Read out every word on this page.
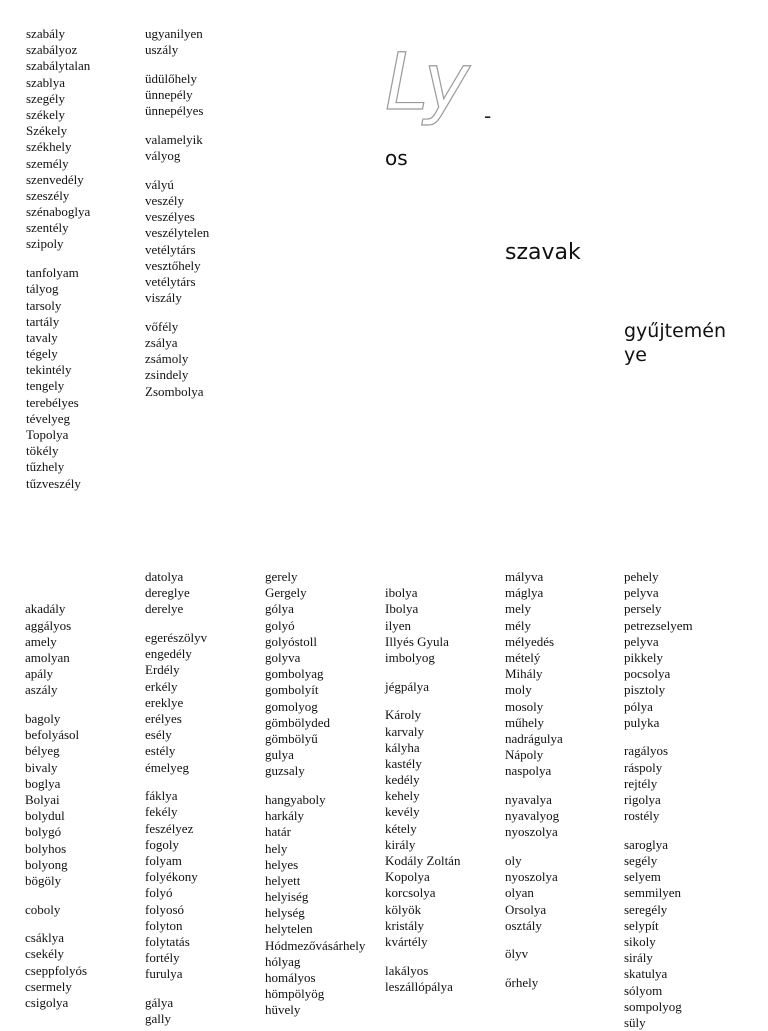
Ly -
os
szavak
gyűjtemén ye
szabály
szabályoz
szabálytalan
szablya
szegély
székely
Székely
székhely
személy
szenvedély
szeszély
szénaboglya
szentély
szipoly
tanfolyam
tályog
tarsoly
tartály
tavaly
tégely
tekintély
tengely
terebélyes
tévelyeg
Topolya
tökély
tűzhely
tűzveszély
ugyanilyen
uszály
üdülőhely
ünnepély
ünnepélyes
valamelyik
vályog
vályú
veszély
veszélyes
veszélytelen
vetélytárs
vesztőhely
vetélytárs
viszály
vőfély
zsálya
zsámoly
zsindely
Zsombolya
akadály
aggályos
amely
amolyan
apály
aszály
bagoly
befolyásol
bélyeg
bivaly
boglya
Bolyai
bolydul
bolygó
bolyhos
bolyong
bögöly
coboly
csáklya
csekély
cseppfolyós
csermely
csigolya
datolya
dereglye
derelye
egerészölyv
engedély
Erdély
erkély
ereklye
erélyes
esély
estély
émelyeg
fáklya
fekély
feszélyez
fogoly
folyam
folyékony
folyó
folyosó
folyton
folytatás
fortély
furulya
gálya
gally
gerely
Gergely
gólya
golyó
golyóstoll
golyva
gombolyag
gombolyít
gomolyog
gömbölyded
gömbölyű
gulya
guzsaly
hangyaboly
harkály
határ
hely
helyes
helyett
helyiség
helység
helytelen
Hódmezővásárhely
hólyag
homályos
hömpölyög
hüvely
ibolya
Ibolya
ilyen
Illyés Gyula
imbolyog
jégpálya
Károly
karvaly
kályha
kastély
kedély
kehely
kevély
kétely
király
Kodály Zoltán
Kopolya
korcsolya
kölyök
kristály
kvártély
lakályos
leszállópálya
mályva
máglya
mely
mély
mélyedés
mételý
Mihály
moly
mosoly
műhely
nadrágulya
Nápoly
naspolya
nyavalya
nyavalyog
nyoszolya
oly
nyoszolya
olyan
Orsolya
osztály
ölyv
őrhely
pehely
pelyva
persely
petrezselyem
pelyva
pikkely
pocsolya
pisztoly
pólya
pulyka
ragályos
ráspoly
rejtély
rigolya
rostély
saroglya
segély
selyem
semmilyen
seregély
selypít
sikoly
sirály
skatulya
sólyom
sompolyog
süly
